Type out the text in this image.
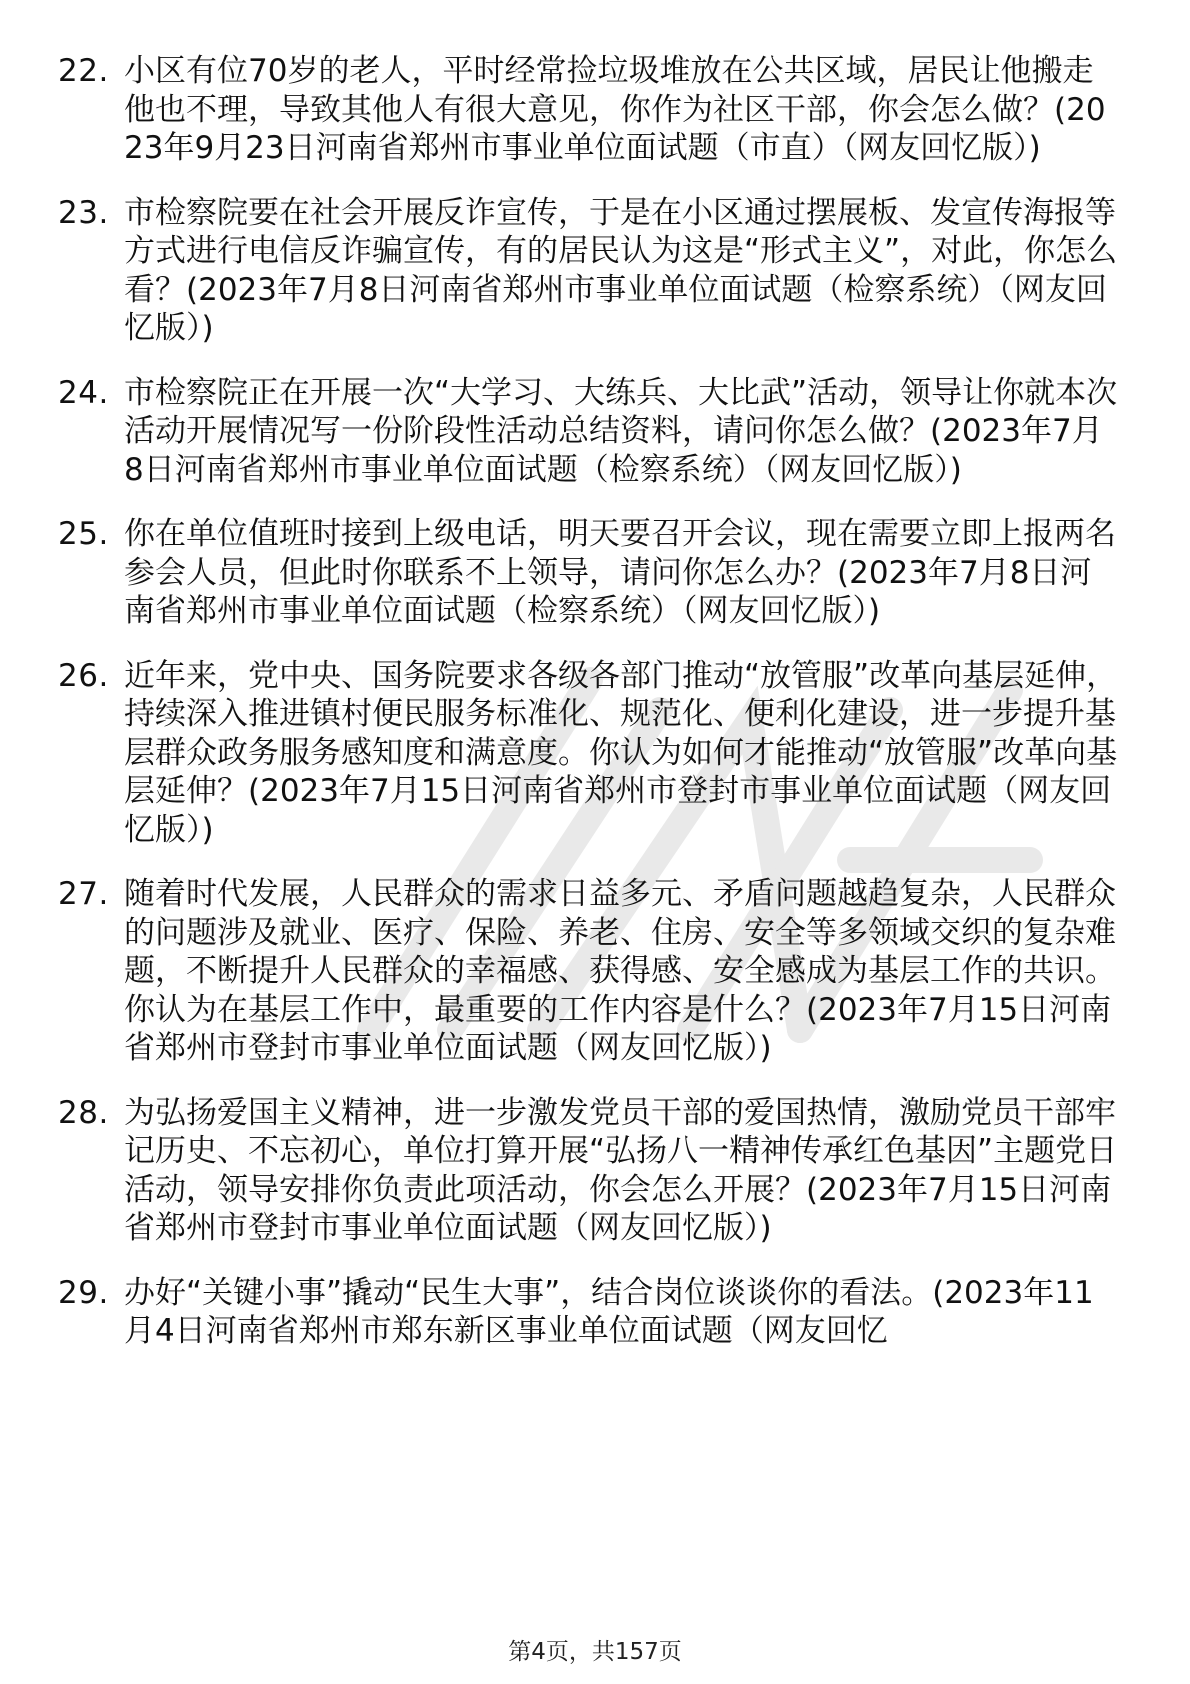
22. 小区有位70岁的老人，平时经常捡垃圾堆放在公共区域，居民让他搬走他也不理，导致其他人有很大意见，你作为社区干部，你会怎么做？(2023年9月23日河南省郑州市事业单位面试题（市直）（网友回忆版）)

23. 市检察院要在社会开展反诈宣传，于是在小区通过摆展板、发宣传海报等方式进行电信反诈骗宣传，有的居民认为这是“形式主义”，对此，你怎么看？(2023年7月8日河南省郑州市事业单位面试题（检察系统）（网友回忆版）)

24. 市检察院正在开展一次“大学习、大练兵、大比武”活动，领导让你就本次活动开展情况写一份阶段性活动总结资料，请问你怎么做？(2023年7月8日河南省郑州市事业单位面试题（检察系统）（网友回忆版）)

25. 你在单位值班时接到上级电话，明天要召开会议，现在需要立即上报两名参会人员，但此时你联系不上领导，请问你怎么办？(2023年7月8日河南省郑州市事业单位面试题（检察系统）（网友回忆版）)

26. 近年来，党中央、国务院要求各级各部门推动“放管服”改革向基层延伸，持续深入推进镇村便民服务标准化、规范化、便利化建设，进一步提升基层群众政务服务感知度和满意度。你认为如何才能推动“放管服”改革向基层延伸？(2023年7月15日河南省郑州市登封市事业单位面试题（网友回忆版）)

27. 随着时代发展，人民群众的需求日益多元、矛盾问题越趋复杂，人民群众的问题涉及就业、医疗、保险、养老、住房、安全等多领域交织的复杂难题，不断提升人民群众的幸福感、获得感、安全感成为基层工作的共识。你认为在基层工作中，最重要的工作内容是什么？(2023年7月15日河南省郑州市登封市事业单位面试题（网友回忆版）)

28. 为弘扬爱国主义精神，进一步激发党员干部的爱国热情，激励党员干部牢记历史、不忘初心，单位打算开展“弘扬八一精神传承红色基因”主题党日活动，领导安排你负责此项活动，你会怎么开展？(2023年7月15日河南省郑州市登封市事业单位面试题（网友回忆版）)

29. 办好“关键小事”撬动“民生大事”，结合岗位谈谈你的看法。(2023年11月4日河南省郑州市郑东新区事业单位面试题（网友回忆

第4页，共157页
